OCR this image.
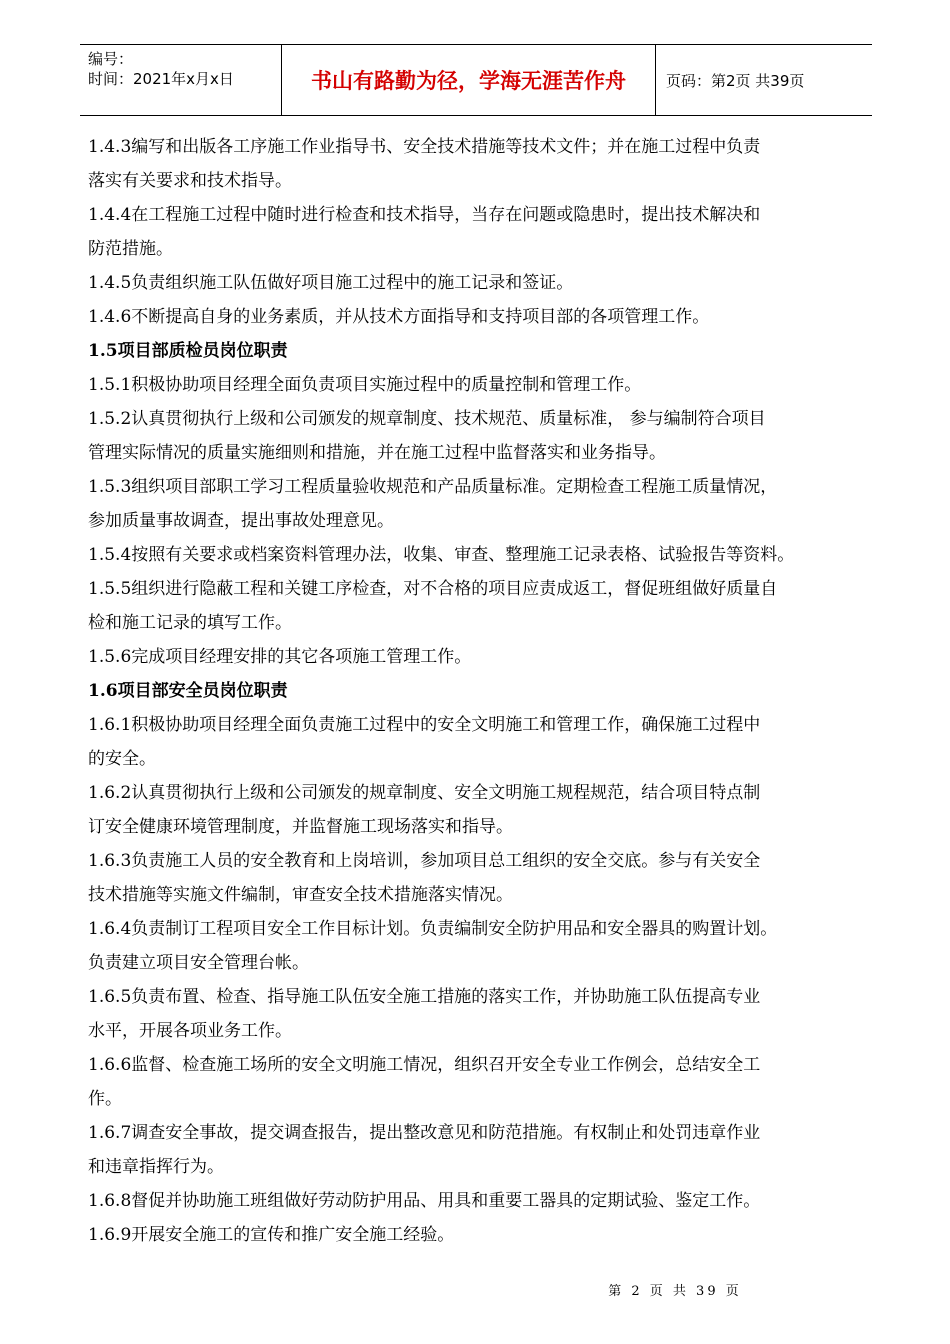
编号：
时间：2021年x月x日	书山有路勤为径，学海无涯苦作舟	页码：第2页 共39页

1.4.3编写和出版各工序施工作业指导书、安全技术措施等技术文件；并在施工过程中负责

落实有关要求和技术指导。

1.4.4在工程施工过程中随时进行检查和技术指导，当存在问题或隐患时，提出技术解决和

防范措施。

1.4.5负责组织施工队伍做好项目施工过程中的施工记录和签证。

1.4.6不断提高自身的业务素质，并从技术方面指导和支持项目部的各项管理工作。

1.5项目部质检员岗位职责

1.5.1积极协助项目经理全面负责项目实施过程中的质量控制和管理工作。

1.5.2认真贯彻执行上级和公司颁发的规章制度、技术规范、质量标准， 参与编制符合项目

管理实际情况的质量实施细则和措施，并在施工过程中监督落实和业务指导。

1.5.3组织项目部职工学习工程质量验收规范和产品质量标准。定期检查工程施工质量情况，

参加质量事故调查，提出事故处理意见。

1.5.4按照有关要求或档案资料管理办法，收集、审查、整理施工记录表格、试验报告等资料。

1.5.5组织进行隐蔽工程和关键工序检查，对不合格的项目应责成返工，督促班组做好质量自

检和施工记录的填写工作。

1.5.6完成项目经理安排的其它各项施工管理工作。

1.6项目部安全员岗位职责

1.6.1积极协助项目经理全面负责施工过程中的安全文明施工和管理工作，确保施工过程中

的安全。

1.6.2认真贯彻执行上级和公司颁发的规章制度、安全文明施工规程规范，结合项目特点制

订安全健康环境管理制度，并监督施工现场落实和指导。

1.6.3负责施工人员的安全教育和上岗培训，参加项目总工组织的安全交底。参与有关安全

技术措施等实施文件编制，审查安全技术措施落实情况。

1.6.4负责制订工程项目安全工作目标计划。负责编制安全防护用品和安全器具的购置计划。

负责建立项目安全管理台帐。

1.6.5负责布置、检查、指导施工队伍安全施工措施的落实工作，并协助施工队伍提高专业

水平，开展各项业务工作。

1.6.6监督、检查施工场所的安全文明施工情况，组织召开安全专业工作例会，总结安全工

作。

1.6.7调查安全事故，提交调查报告，提出整改意见和防范措施。有权制止和处罚违章作业

和违章指挥行为。

1.6.8督促并协助施工班组做好劳动防护用品、用具和重要工器具的定期试验、鉴定工作。

1.6.9开展安全施工的宣传和推广安全施工经验。

第 2 页 共 39 页
